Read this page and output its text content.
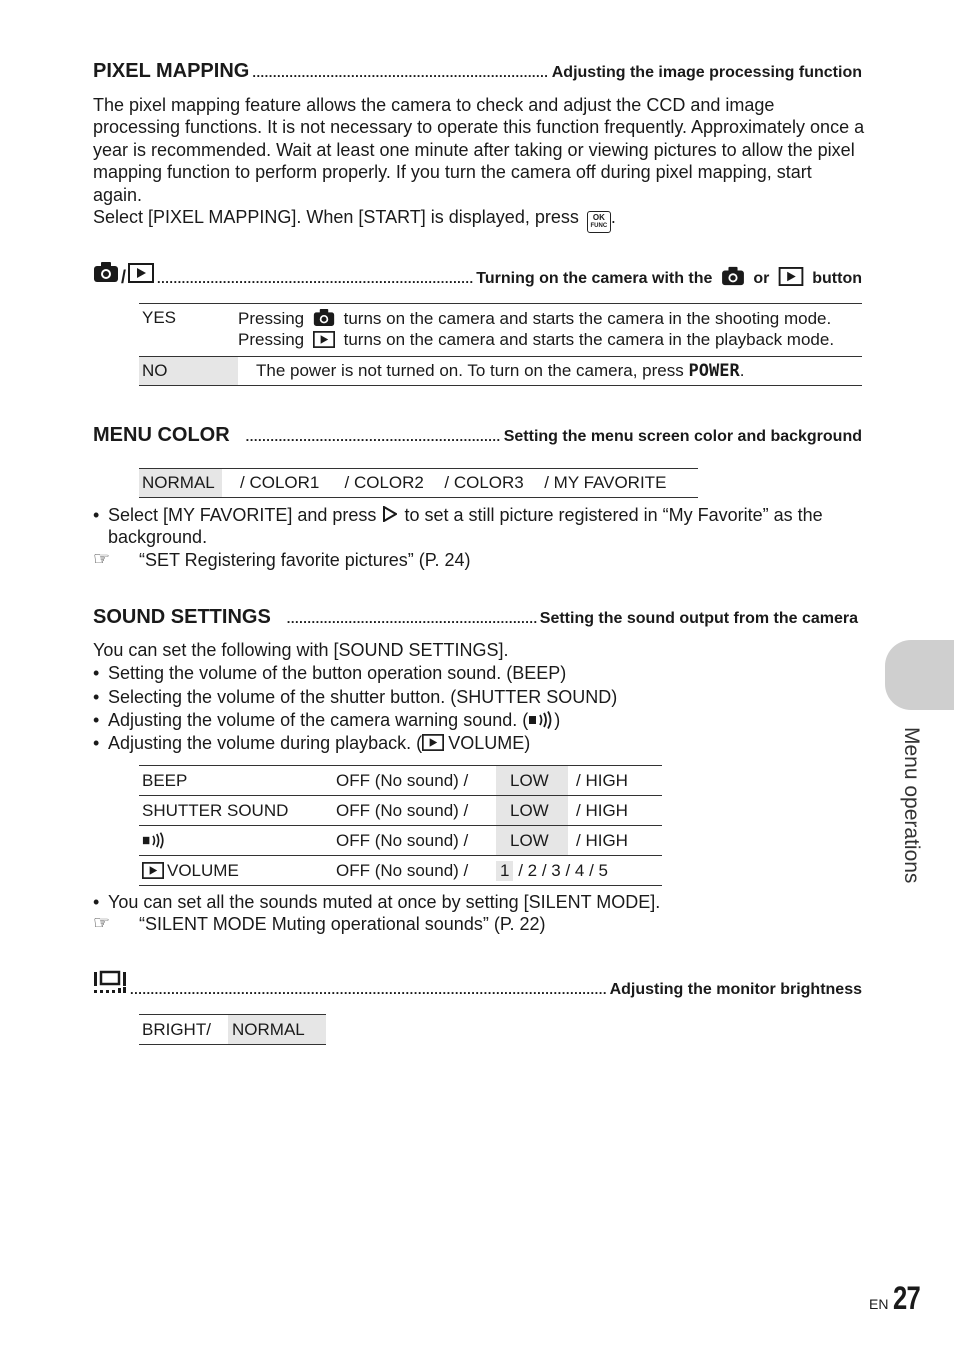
PIXEL MAPPING .....	Adjusting the image processing function
The pixel mapping feature allows the camera to check and adjust the CCD and image processing functions. It is not necessary to operate this function frequently. Approximately once a year is recommended. Wait at least one minute after taking or viewing pictures to allow the pixel mapping function to perform properly. If you turn the camera off during pixel mapping, start again.
Select [PIXEL MAPPING]. When [START] is displayed, press	OK
FUNC .
/ .....	Turning on the camera with the	or	button
YES	Pressing turns on the camera and starts the camera in the shooting mode.
Pressing turns on the camera and starts the camera in the playback mode.

NO	The power is not turned on. To turn on the camera, press POWER.
MENU COLOR .....	Setting the menu screen color and background
NORMAL	/ COLOR1	/ COLOR2	/ COLOR3	/ MY FAVORITE
• Select [MY FAVORITE] and press to set a still picture registered in “My Favorite” as the background.
☞ “SET Registering favorite pictures” (P. 24)
SOUND SETTINGS .....	Setting the sound output from the camera
You can set the following with [SOUND SETTINGS].
• Setting the volume of the button operation sound. (BEEP)
• Selecting the volume of the shutter button. (SHUTTER SOUND)
• Adjusting the volume of the camera warning sound. ( )
• Adjusting the volume during playback. ( VOLUME)
BEEP	OFF (No sound) /	LOW	/ HIGH
SHUTTER SOUND	OFF (No sound) /	LOW	/ HIGH
	OFF (No sound) /	LOW	/ HIGH
VOLUME	OFF (No sound) /	1 / 2 / 3 / 4 / 5	
• You can set all the sounds muted at once by setting [SILENT MODE].
☞ “SILENT MODE Muting operational sounds” (P. 22)
.....
Adjusting the monitor brightness
BRIGHT/	NORMAL
Menu operations
EN 27
